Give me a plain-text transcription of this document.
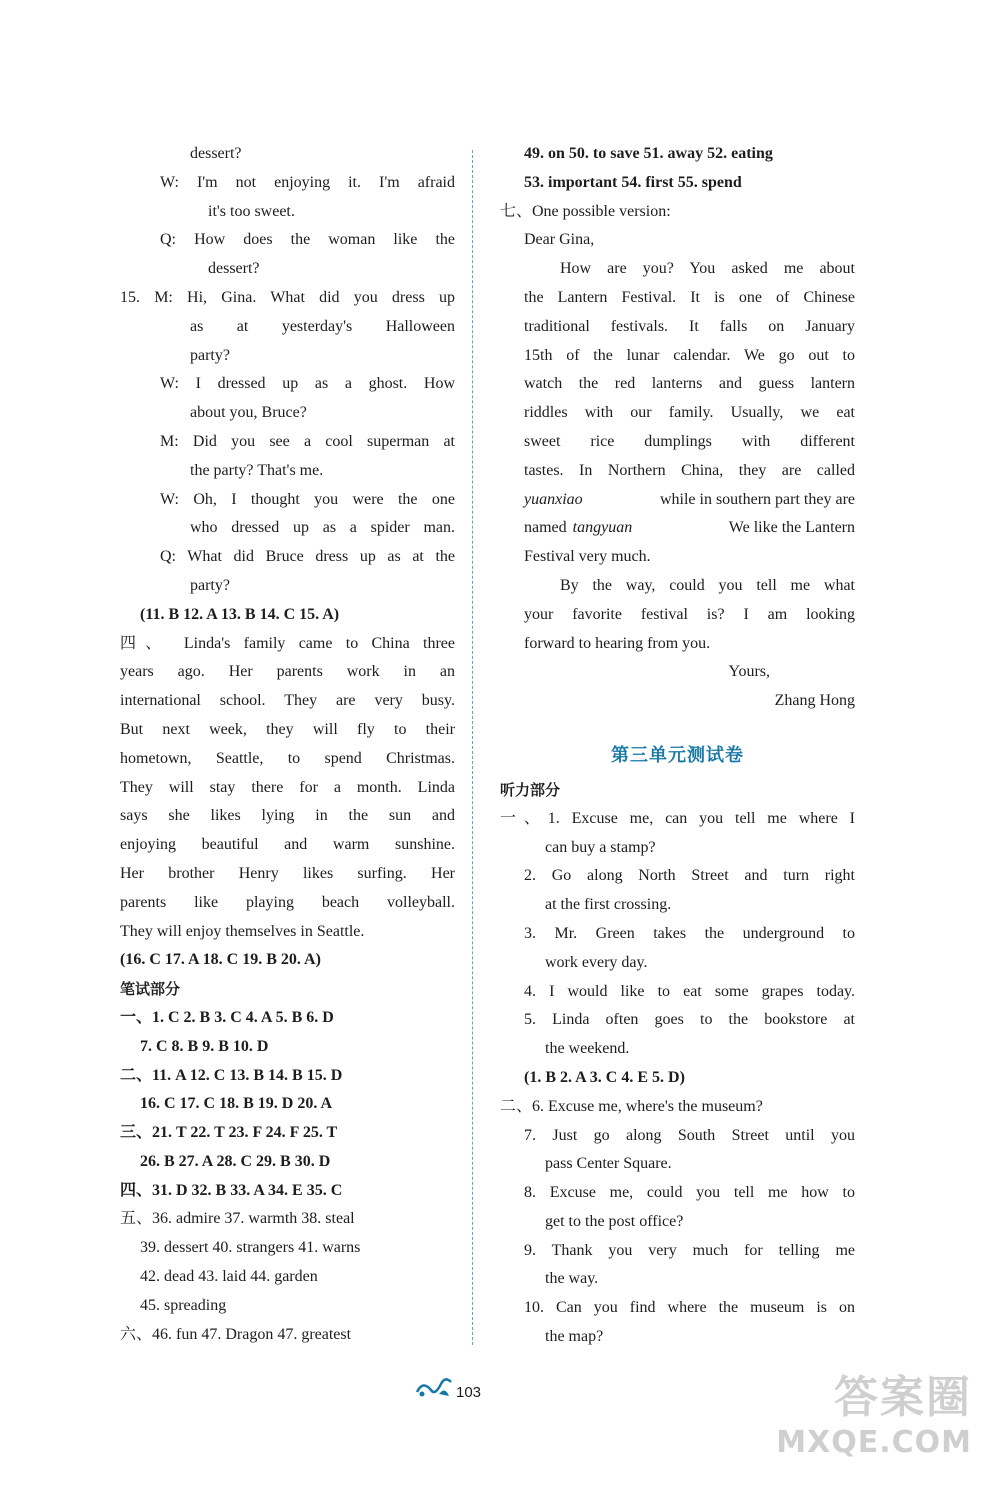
dessert?
W: I'm not enjoying it. I'm afraid
it's too sweet.
Q: How does the woman like the
dessert?
15. M: Hi, Gina. What did you dress up
as at yesterday's Halloween
party?
W: I dressed up as a ghost. How
about you, Bruce?
M: Did you see a cool superman at
the party? That's me.
W: Oh, I thought you were the one
who dressed up as a spider man.
Q: What did Bruce dress up as at the
party?
(11. B 12. A 13. B 14. C 15. A)
四、 Linda's family came to China three
years ago. Her parents work in an
international school. They are very busy.
But next week, they will fly to their
hometown, Seattle, to spend Christmas.
They will stay there for a month. Linda
says she likes lying in the sun and
enjoying beautiful and warm sunshine.
Her brother Henry likes surfing. Her
parents like playing beach volleyball.
They will enjoy themselves in Seattle.
(16. C 17. A 18. C 19. B 20. A)
笔试部分
一、1. C 2. B 3. C 4. A 5. B 6. D
7. C 8. B 9. B 10. D
二、11. A 12. C 13. B 14. B 15. D
16. C 17. C 18. B 19. D 20. A
三、21. T 22. T 23. F 24. F 25. T
26. B 27. A 28. C 29. B 30. D
四、31. D 32. B 33. A 34. E 35. C
五、36. admire 37. warmth 38. steal
39. dessert 40. strangers 41. warns
42. dead 43. laid 44. garden
45. spreading
六、46. fun 47. Dragon 47. greatest
49. on 50. to save 51. away 52. eating
53. important 54. first 55. spend
七、One possible version:
Dear Gina,
How are you? You asked me about
the Lantern Festival. It is one of Chinese
traditional festivals. It falls on January
15th of the lunar calendar. We go out to
watch the red lanterns and guess lantern
riddles with our family. Usually, we eat
sweet rice dumplings with different
tastes. In Northern China, they are called
yuanxiao	while in southern part they are
named tangyuan	We like the Lantern
Festival very much.
By the way, could you tell me what
your favorite festival is? I am looking
forward to hearing from you.
Yours,
Zhang Hong
第三单元测试卷
听力部分
一、1. Excuse me, can you tell me where I
can buy a stamp?
2. Go along North Street and turn right
at the first crossing.
3. Mr. Green takes the underground to
work every day.
4. I would like to eat some grapes today.
5. Linda often goes to the bookstore at
the weekend.
(1. B 2. A 3. C 4. E 5. D)
二、6. Excuse me, where's the museum?
7. Just go along South Street until you
pass Center Square.
8. Excuse me, could you tell me how to
get to the post office?
9. Thank you very much for telling me
the way.
10. Can you find where the museum is on
the map?
103	答案圈
MXQE.COM
